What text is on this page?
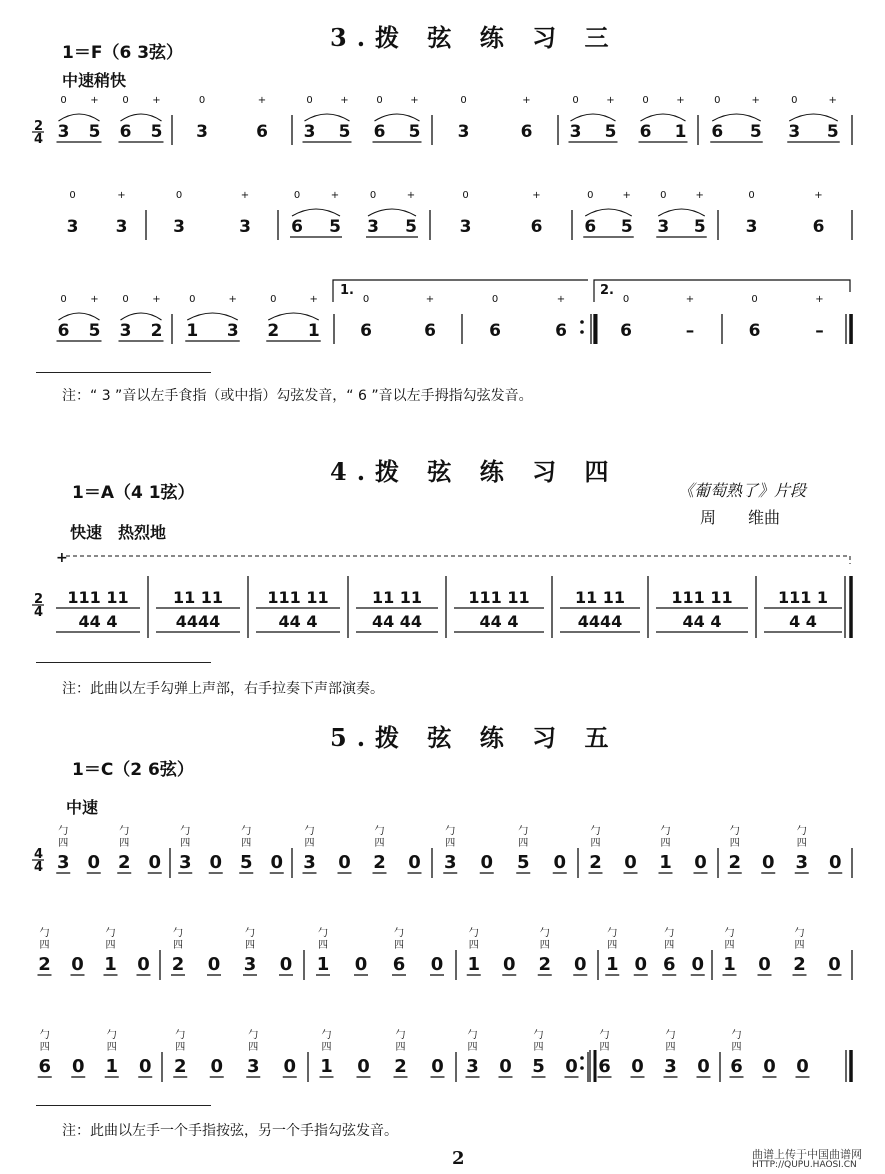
3.拨 弦 练 习 三
1＝F（6 3弦）
中速稍快
2
4 3
0
5
+
6
0
5
+
3
0
6
+
3
0
5
+
6
0
5
+
3
0
6
+
3
0
5
+
6
0
1
+
6
0
5
+
3
0
5
+
3
0
3
+
3
0
3
+
6
0
5
+
3
0
5
+
3
0
6
+
6
0
5
+
3
0
5
+
3
0
6
+
6
0
5
+
3
0
2
+
1
0
3
+
2
0
1
+
6
0
6
+
6
0
6
+
6
0
–
+
6
0
–
+
1.	2.
注：“ 3 ”音以左手食指（或中指）勾弦发音，“ 6 ”音以左手拇指勾弦发音。
4.拨 弦 练 习 四
1＝A（4 1弦）	《葡萄熟了》片段
周　　维曲
快速　热烈地
2
4
+
111 11
44 4
11 11
4444
111 11
44 4
11 11
44 44
111 11
44 4
11 11
4444
111 11
44 4
111 1
4 4
注：此曲以左手勾弹上声部，右手拉奏下声部演奏。
5.拨 弦 练 习 五
1＝C（2 6弦）
中速
4
4 3
勹
四
0 2
勹
四
0 3
勹
四
0 5
勹
四
0 3
勹
四
0 2
勹
四
0 3
勹
四
0 5
勹
四
0 2
勹
四
0 1
勹
四
0 2
勹
四
0 3
勹
四
0
2
勹
四
0 1
勹
四
0 2
勹
四
0 3
勹
四
0 1
勹
四
0 6
勹
四
0 1
勹
四
0 2
勹
四
0 1
勹
四
0 6
勹
四
0 1
勹
四
0 2
勹
四
0
6
勹
四
0 1
勹
四
0 2
勹
四
0 3
勹
四
0 1
勹
四
0 2
勹
四
0 3
勹
四
0 5
勹
四
0 6
勹
四
0 3
勹
四
0 6
勹
四
0 0
注：此曲以左手一个手指按弦，另一个手指勾弦发音。
2	曲谱上传于中国曲谱网
HTTP://QUPU.HAOSI.CN
